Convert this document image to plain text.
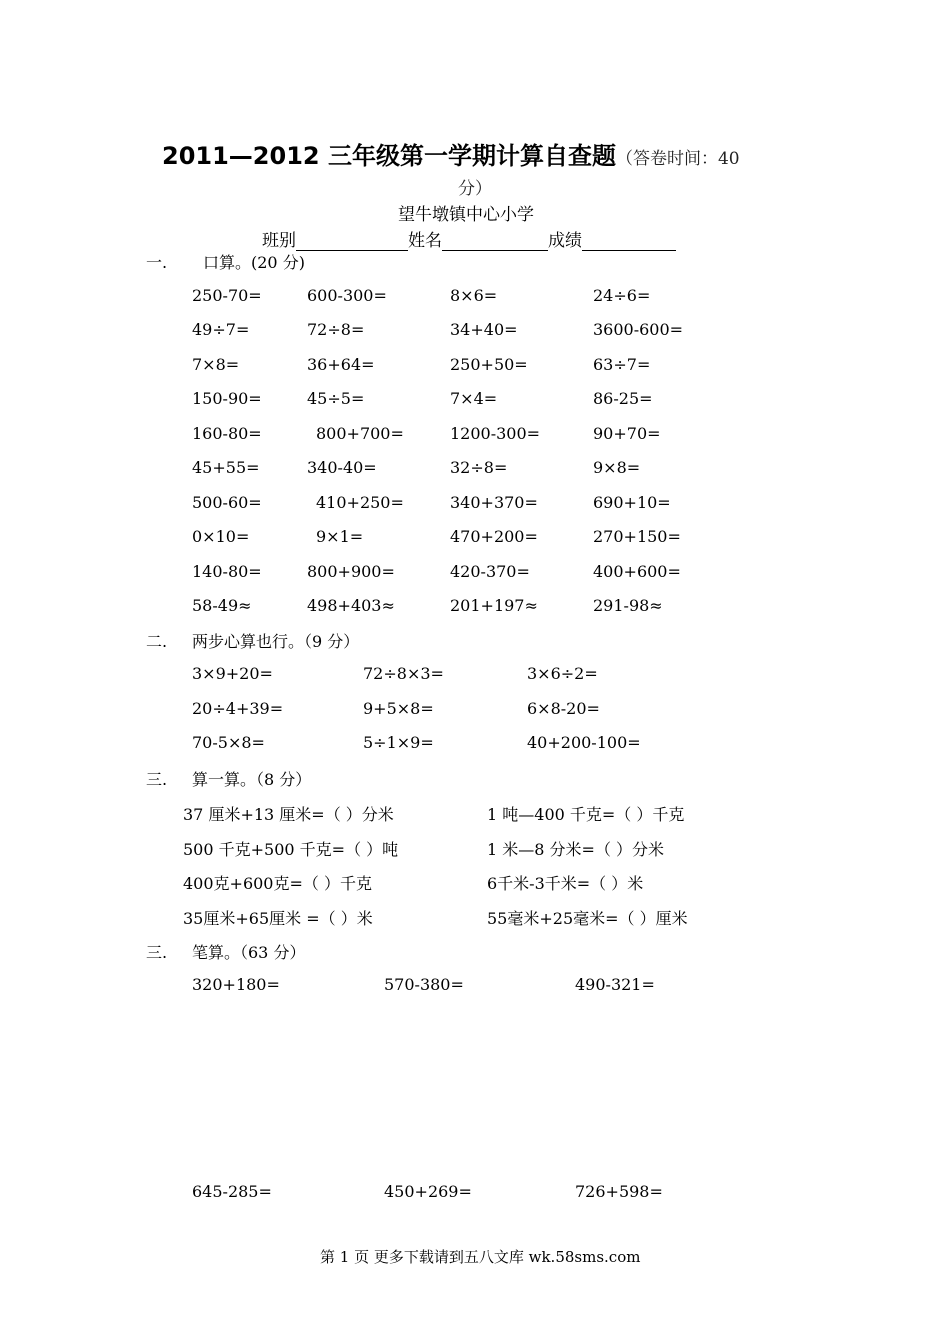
2011—2012 三年级第一学期计算自查题（答卷时间：40
分）
望牛墩镇中心小学
班别	姓名	成绩
一. 口算。(20 分)
250-70=	600-300=	8×6=	24÷6=
49÷7=	72÷8=	34+40=	3600-600=
7×8=	36+64=	250+50=	63÷7=
150-90=	45÷5=	7×4=	86-25=
160-80=	800+700=	1200-300=	90+70=
45+55=	340-40=	32÷8=	9×8=
500-60=	410+250=	340+370=	690+10=
0×10=	9×1=	470+200=	270+150=
140-80=	800+900=	420-370=	400+600=
58-49≈	498+403≈	201+197≈	291-98≈
二. 两步心算也行。（9 分）
3×9+20=	72÷8×3=	3×6÷2=
20÷4+39=	9+5×8=	6×8-20=
70-5×8=	5÷1×9=	40+200-100=
三. 算一算。（8 分）
37 厘米+13 厘米=（ ）分米	1 吨—400 千克=（ ）千克
500 千克+500 千克=（ ）吨	1 米—8 分米=（ ）分米
400克+600克=（ ）千克	6千米-3千米=（ ）米
35厘米+65厘米 =（ ）米	55毫米+25毫米=（ ）厘米
三. 笔算。（63 分）
320+180=	570-380=	490-321=
645-285=	450+269=	726+598=
第 1 页 更多下载请到五八文库 wk.58sms.com
